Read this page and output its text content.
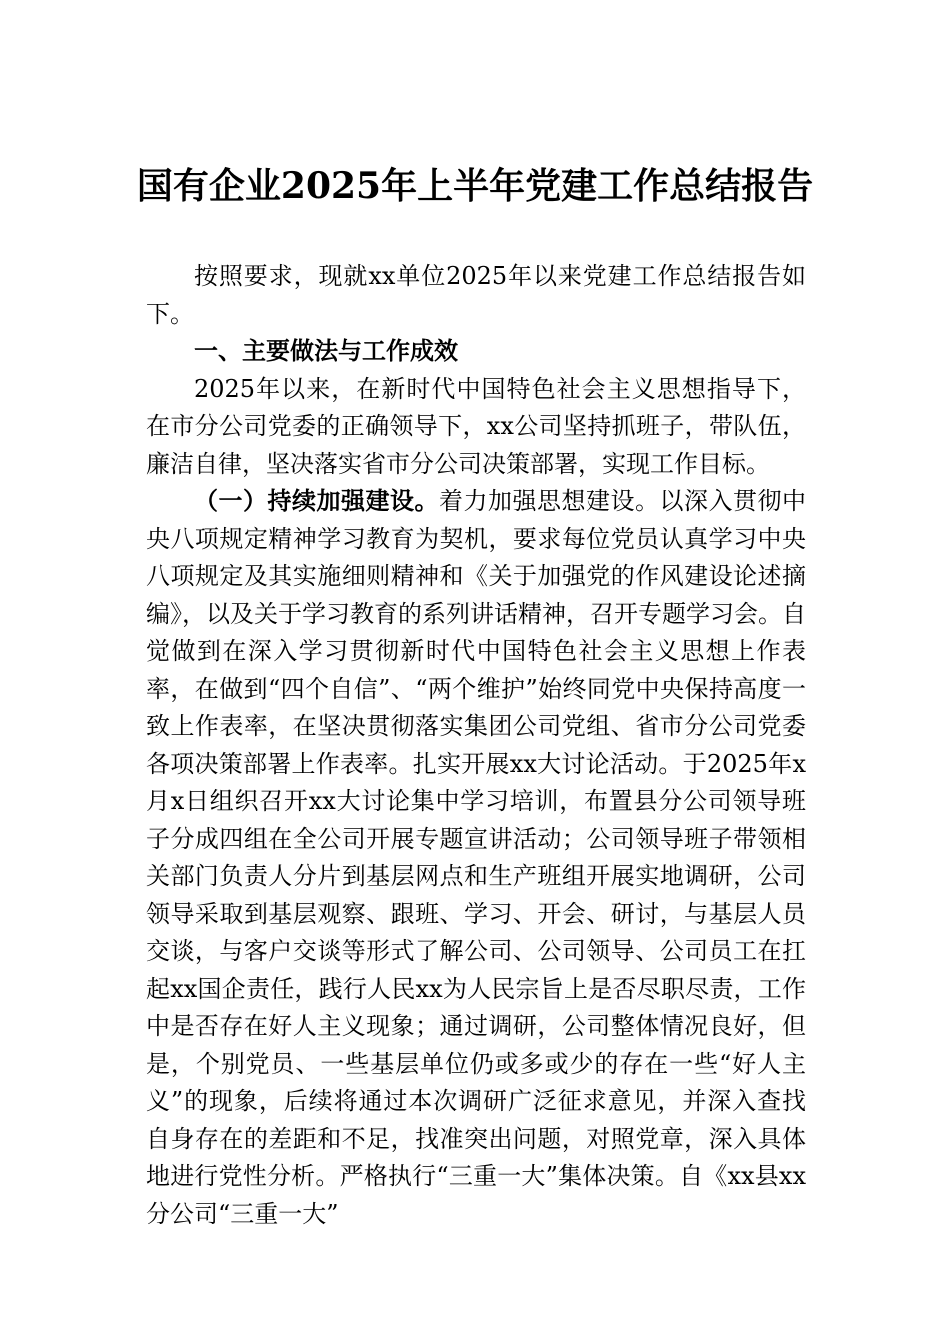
国有企业2025年上半年党建工作总结报告

按照要求，现就xx单位2025年以来党建工作总结报告如下。

一、主要做法与工作成效

2025年以来，在新时代中国特色社会主义思想指导下，在市分公司党委的正确领导下，xx公司坚持抓班子，带队伍，廉洁自律，坚决落实省市分公司决策部署，实现工作目标。

（一）持续加强建设。着力加强思想建设。以深入贯彻中央八项规定精神学习教育为契机，要求每位党员认真学习中央八项规定及其实施细则精神和《关于加强党的作风建设论述摘编》，以及关于学习教育的系列讲话精神，召开专题学习会。自觉做到在深入学习贯彻新时代中国特色社会主义思想上作表率，在做到“四个自信”、“两个维护”始终同党中央保持高度一致上作表率，在坚决贯彻落实集团公司党组、省市分公司党委各项决策部署上作表率。扎实开展xx大讨论活动。于2025年x月x日组织召开xx大讨论集中学习培训，布置县分公司领导班子分成四组在全公司开展专题宣讲活动；公司领导班子带领相关部门负责人分片到基层网点和生产班组开展实地调研，公司领导采取到基层观察、跟班、学习、开会、研讨，与基层人员交谈，与客户交谈等形式了解公司、公司领导、公司员工在扛起xx国企责任，践行人民xx为人民宗旨上是否尽职尽责，工作中是否存在好人主义现象；通过调研，公司整体情况良好，但是，个别党员、一些基层单位仍或多或少的存在一些“好人主义”的现象，后续将通过本次调研广泛征求意见，并深入查找自身存在的差距和不足，找准突出问题，对照党章，深入具体地进行党性分析。严格执行“三重一大”集体决策。自《xx县xx分公司“三重一大”
